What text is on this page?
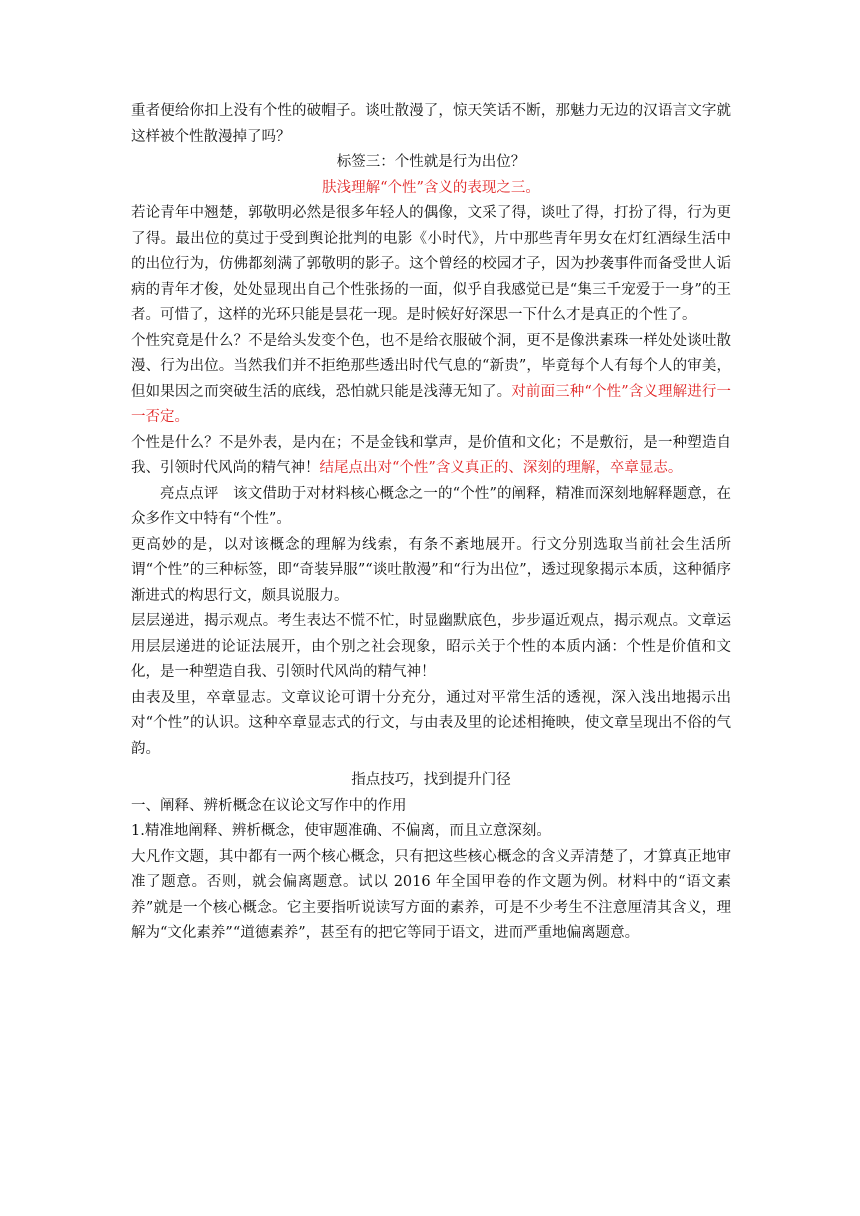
重者便给你扣上没有个性的破帽子。谈吐散漫了，惊天笑话不断，那魅力无边的汉语言文字就这样被个性散漫掉了吗？

标签三：个性就是行为出位？

肤浅理解“个性”含义的表现之三。

若论青年中翘楚，郭敬明必然是很多年轻人的偶像，文采了得，谈吐了得，打扮了得，行为更了得。最出位的莫过于受到舆论批判的电影《小时代》，片中那些青年男女在灯红酒绿生活中的出位行为，仿佛都刻满了郭敬明的影子。这个曾经的校园才子，因为抄袭事件而备受世人诟病的青年才俊，处处显现出自己个性张扬的一面，似乎自我感觉已是“集三千宠爱于一身”的王者。可惜了，这样的光环只能是昙花一现。是时候好好深思一下什么才是真正的个性了。

个性究竟是什么？不是给头发变个色，也不是给衣服破个洞，更不是像洪素珠一样处处谈吐散漫、行为出位。当然我们并不拒绝那些透出时代气息的“新贵”，毕竟每个人有每个人的审美，但如果因之而突破生活的底线，恐怕就只能是浅薄无知了。对前面三种“个性”含义理解进行一一否定。

个性是什么？不是外表，是内在；不是金钱和掌声，是价值和文化；不是敷衍，是一种塑造自我、引领时代风尚的精气神！结尾点出对“个性”含义真正的、深刻的理解，卒章显志。

亮点点评　该文借助于对材料核心概念之一的“个性”的阐释，精准而深刻地解释题意，在众多作文中特有“个性”。

更高妙的是，以对该概念的理解为线索，有条不紊地展开。行文分别选取当前社会生活所谓“个性”的三种标签，即“奇装异服”“谈吐散漫”和“行为出位”，透过现象揭示本质，这种循序渐进式的构思行文，颇具说服力。

层层递进，揭示观点。考生表达不慌不忙，时显幽默底色，步步逼近观点，揭示观点。文章运用层层递进的论证法展开，由个别之社会现象，昭示关于个性的本质内涵：个性是价值和文化，是一种塑造自我、引领时代风尚的精气神！

由表及里，卒章显志。文章议论可谓十分充分，通过对平常生活的透视，深入浅出地揭示出对“个性”的认识。这种卒章显志式的行文，与由表及里的论述相掩映，使文章呈现出不俗的气韵。

指点技巧，找到提升门径

一、阐释、辨析概念在议论文写作中的作用

1.精准地阐释、辨析概念，使审题准确、不偏离，而且立意深刻。

大凡作文题，其中都有一两个核心概念，只有把这些核心概念的含义弄清楚了，才算真正地审准了题意。否则，就会偏离题意。试以 2016 年全国甲卷的作文题为例。材料中的“语文素养”就是一个核心概念。它主要指听说读写方面的素养，可是不少考生不注意厘清其含义，理解为“文化素养”“道德素养”，甚至有的把它等同于语文，进而严重地偏离题意。
